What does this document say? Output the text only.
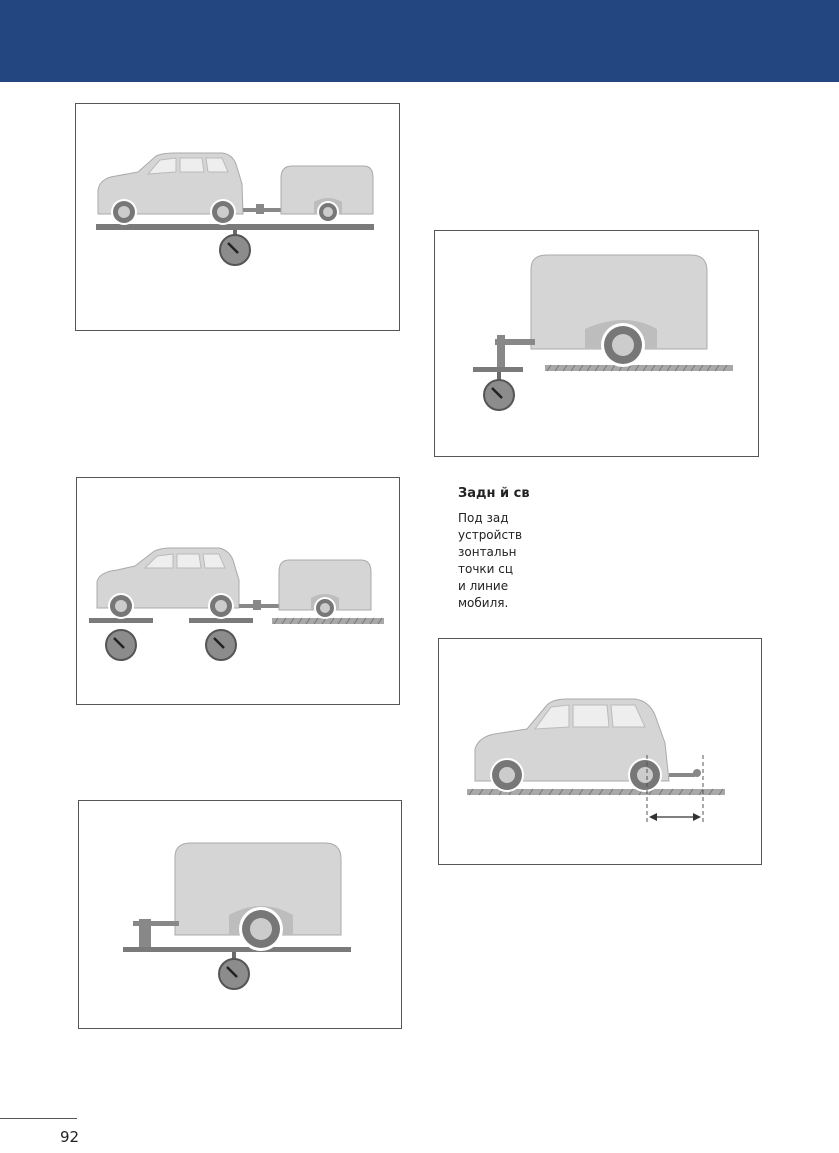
Задн й св
Под зад
устройств
зонтальн
точки сц
и линие
мобиля.
92
